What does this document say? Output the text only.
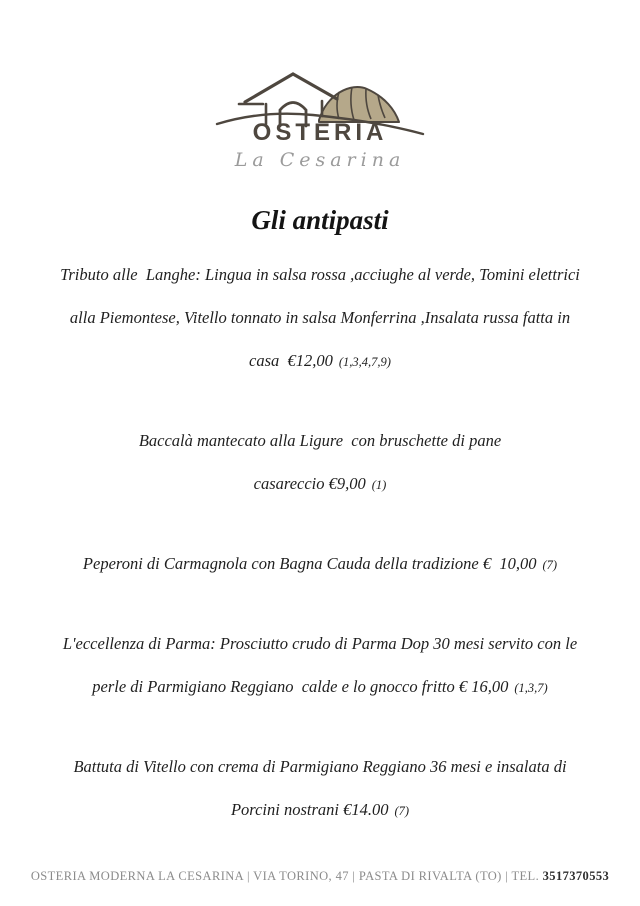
OSTERIA
La Cesarina
Gli antipasti
Tributo alle  Langhe: Lingua in salsa rossa ,acciughe al verde, Tomini elettrici
alla Piemontese, Vitello tonnato in salsa Monferrina ,Insalata russa fatta in
casa  €12,00 (1,3,4,7,9)
Baccalà mantecato alla Ligure  con bruschette di pane
casareccio €9,00 (1)
Peperoni di Carmagnola con Bagna Cauda della tradizione €  10,00 (7)
L'eccellenza di Parma: Prosciutto crudo di Parma Dop 30 mesi servito con le
perle di Parmigiano Reggiano  calde e lo gnocco fritto € 16,00 (1,3,7)
Battuta di Vitello con crema di Parmigiano Reggiano 36 mesi e insalata di
Porcini nostrani €14.00 (7)
OSTERIA MODERNA LA CESARINA | VIA TORINO, 47 | PASTA DI RIVALTA (TO) | TEL. 3517370553
